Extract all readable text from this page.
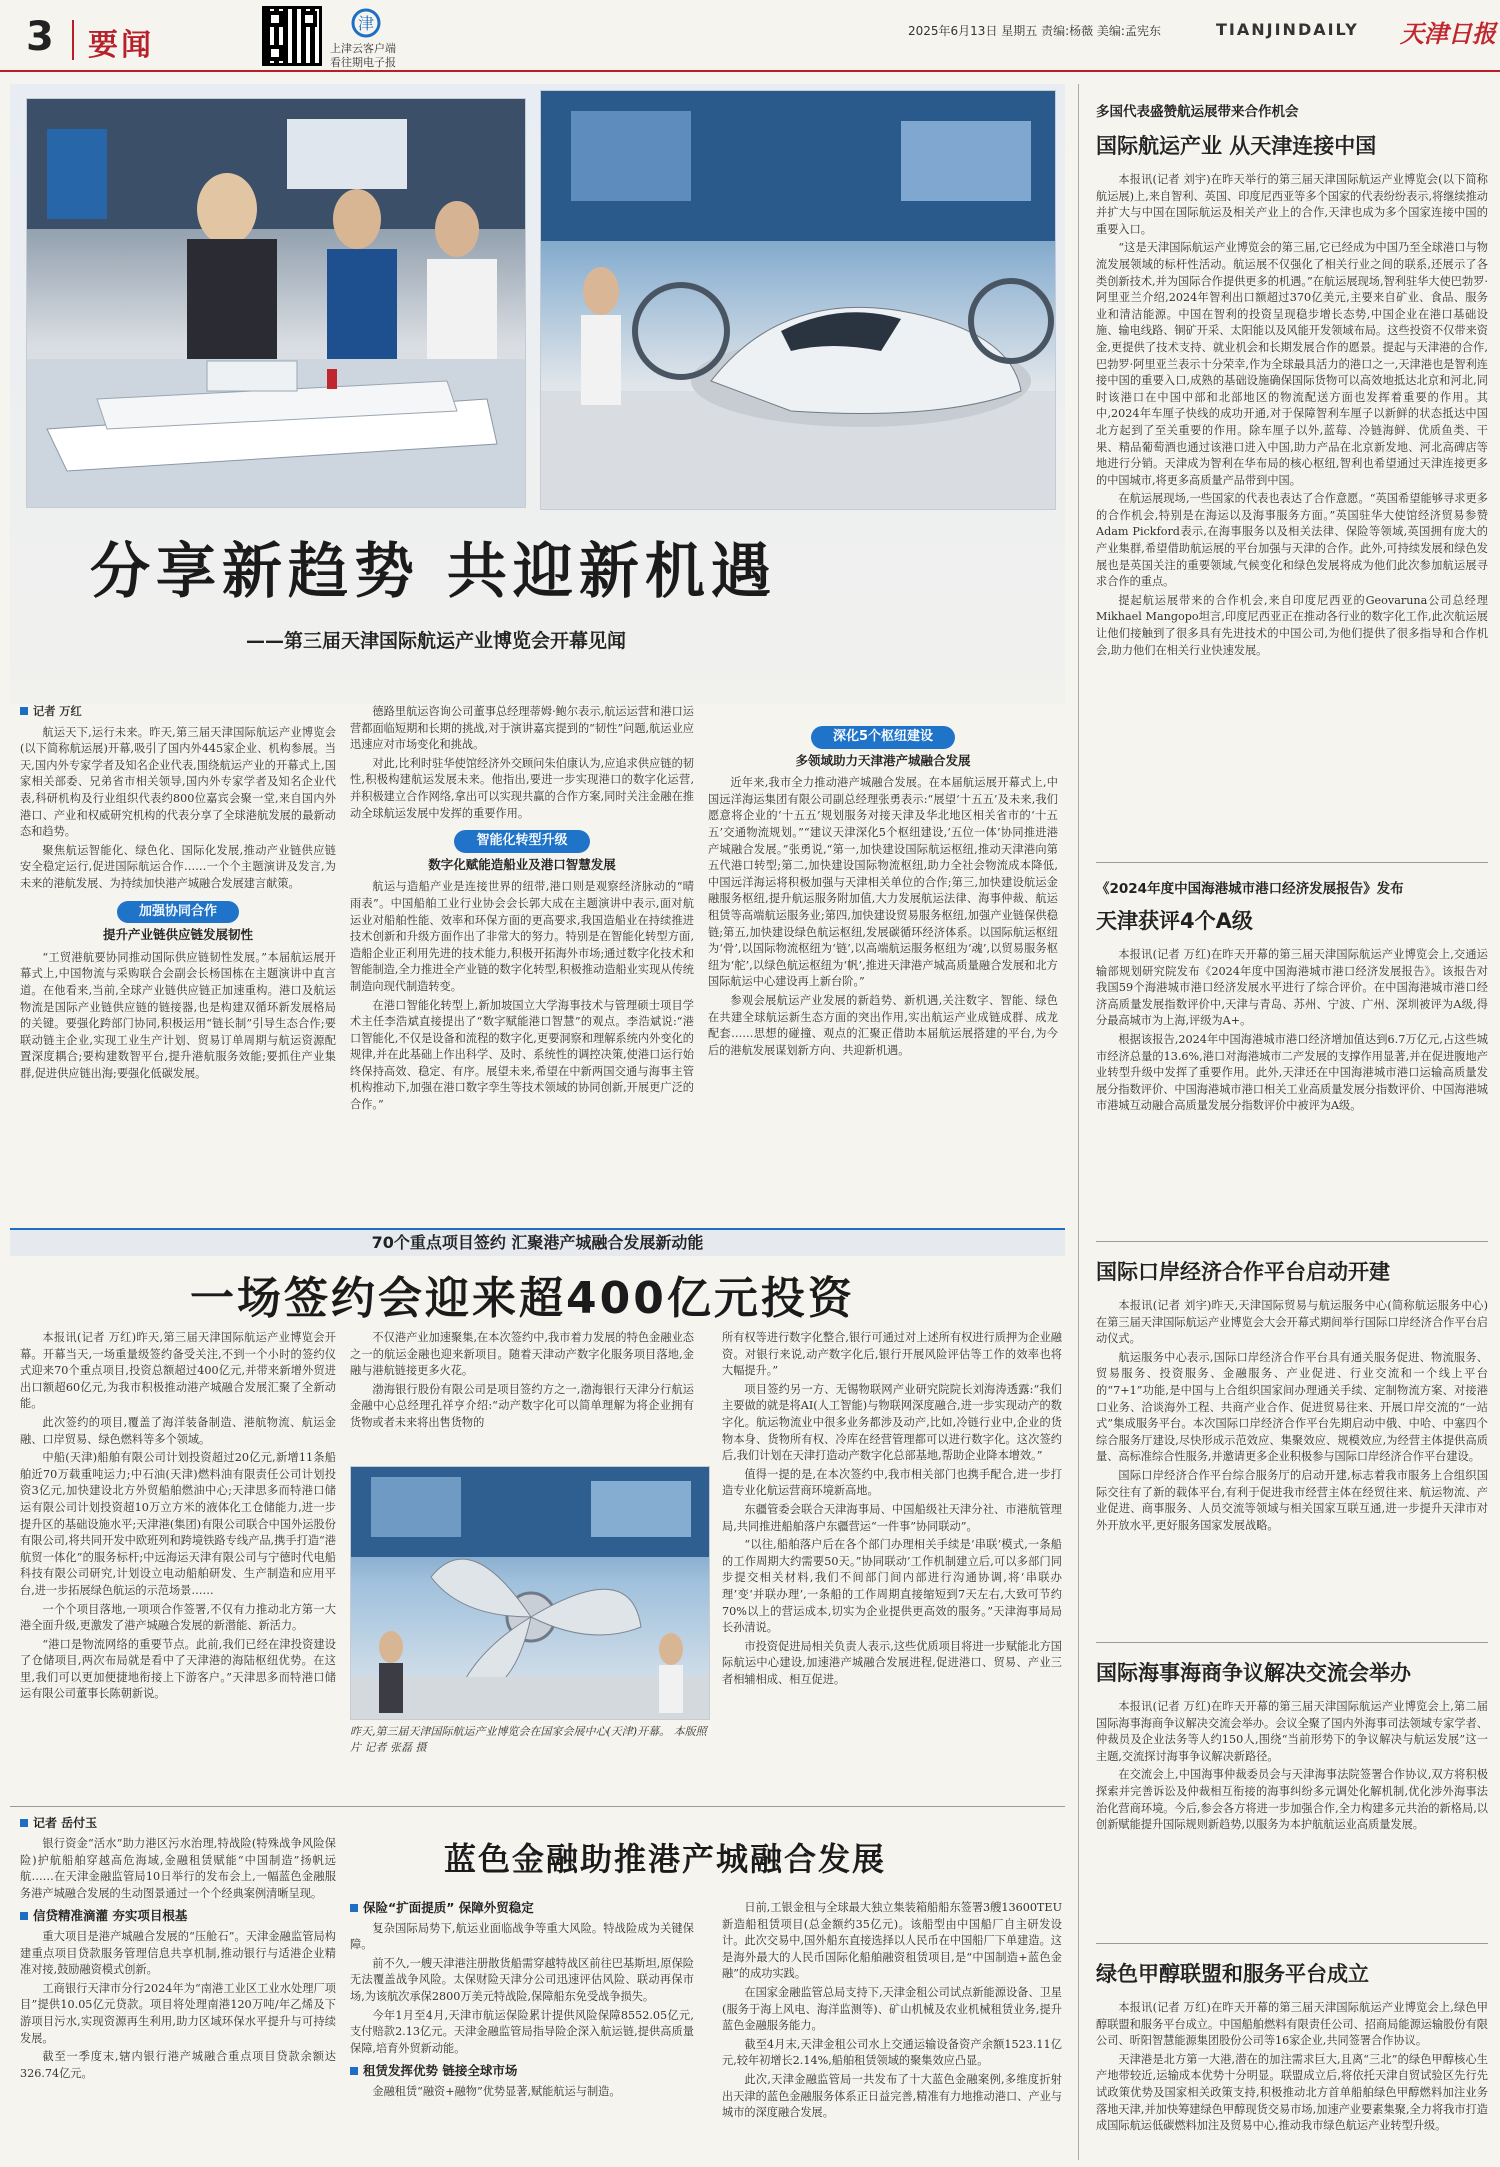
3 要闻
津
上津云客户端
看往期电子报
2025年6月13日 星期五 责编:杨薇 美编:孟宪东	TIANJINDAILY 天津日报
分享新趋势 共迎新机遇
——第三届天津国际航运产业博览会开幕见闻
记者 万红

航运天下,运行未来。昨天,第三届天津国际航运产业博览会(以下简称航运展)开幕,吸引了国内外445家企业、机构参展。当天,国内外专家学者及知名企业代表,围绕航运产业的开幕式上,国家相关部委、兄弟省市相关领导,国内外专家学者及知名企业代表,科研机构及行业组织代表约800位嘉宾会聚一堂,来自国内外港口、产业和权威研究机构的代表分享了全球港航发展的最新动态和趋势。

聚焦航运智能化、绿色化、国际化发展,推动产业链供应链安全稳定运行,促进国际航运合作……一个个主题演讲及发言,为未来的港航发展、为持续加快港产城融合发展建言献策。

加强协同合作
提升产业链供应链发展韧性

“工贸港航要协同推动国际供应链韧性发展。”本届航运展开幕式上,中国物流与采购联合会副会长杨国栋在主题演讲中直言道。在他看来,当前,全球产业链供应链正加速重构。港口及航运物流是国际产业链供应链的链接器,也是构建双循环新发展格局的关键。要强化跨部门协同,积极运用“链长制”引导生态合作;要联动链主企业,实现工业生产计划、贸易订单周期与航运资源配置深度耦合;要构建数智平台,提升港航服务效能;要抓住产业集群,促进供应链出海;要强化低碳发展。

德路里航运咨询公司董事总经理蒂姆·鲍尔表示,航运运营和港口运营都面临短期和长期的挑战,对于演讲嘉宾提到的“韧性”问题,航运业应迅速应对市场变化和挑战。

对此,比利时驻华使馆经济外交顾问朱伯康认为,应追求供应链的韧性,积极构建航运发展未来。他指出,要进一步实现港口的数字化运营,并积极建立合作网络,拿出可以实现共赢的合作方案,同时关注金融在推动全球航运发展中发挥的重要作用。

智能化转型升级
数字化赋能造船业及港口智慧发展

航运与造船产业是连接世界的纽带,港口则是观察经济脉动的“晴雨表”。中国船舶工业行业协会会长郭大成在主题演讲中表示,面对航运业对船舶性能、效率和环保方面的更高要求,我国造船业在持续推进技术创新和升级方面作出了非常大的努力。特别是在智能化转型方面,造船企业正利用先进的技术能力,积极开拓海外市场;通过数字化技术和智能制造,全力推进全产业链的数字化转型,积极推动造船业实现从传统制造向现代制造转变。

在港口智能化转型上,新加坡国立大学海事技术与管理硕士项目学术主任李浩斌直接提出了“数字赋能港口智慧”的观点。李浩斌说:“港口智能化,不仅是设备和流程的数字化,更要洞察和理解系统内外变化的规律,并在此基础上作出科学、及时、系统性的调控决策,使港口运行始终保持高效、稳定、有序。展望未来,希望在中新两国交通与海事主管机构推动下,加强在港口数字孪生等技术领域的协同创新,开展更广泛的合作。”

深化5个枢纽建设
多领域助力天津港产城融合发展

近年来,我市全力推动港产城融合发展。在本届航运展开幕式上,中国远洋海运集团有限公司副总经理张勇表示:“展望‘十五五’及未来,我们愿意将企业的‘十五五’规划服务对接天津及华北地区相关省市的‘十五五’交通物流规划。”“建议天津深化5个枢纽建设,‘五位一体’协同推进港产城融合发展。”张勇说,“第一,加快建设国际航运枢纽,推动天津港向第五代港口转型;第二,加快建设国际物流枢纽,助力全社会物流成本降低,中国远洋海运将积极加强与天津相关单位的合作;第三,加快建设航运金融服务枢纽,提升航运服务附加值,大力发展航运法律、海事仲裁、航运租赁等高端航运服务业;第四,加快建设贸易服务枢纽,加强产业链保供稳链;第五,加快建设绿色航运枢纽,发展碳循环经济体系。以国际航运枢纽为‘骨’,以国际物流枢纽为‘链’,以高端航运服务枢纽为‘魂’,以贸易服务枢纽为‘舵’,以绿色航运枢纽为‘帆’,推进天津港产城高质量融合发展和北方国际航运中心建设再上新台阶。”

参观会展航运产业发展的新趋势、新机遇,关注数字、智能、绿色在共建全球航运新生态方面的突出作用,实出航运产业成链成群、成龙配套……思想的碰撞、观点的汇聚正借助本届航运展搭建的平台,为今后的港航发展谋划新方向、共迎新机遇。

70个重点项目签约 汇聚港产城融合发展新动能
一场签约会迎来超400亿元投资

本报讯(记者 万红)昨天,第三届天津国际航运产业博览会开幕。开幕当天,一场重量级签约备受关注,不到一个小时的签约仪式迎来70个重点项目,投资总额超过400亿元,并带来新增外贸进出口额超60亿元,为我市积极推动港产城融合发展汇聚了全新动能。

此次签约的项目,覆盖了海洋装备制造、港航物流、航运金融、口岸贸易、绿色燃料等多个领域。

中船(天津)船舶有限公司计划投资超过20亿元,新增11条船舶近70万载重吨运力;中石油(天津)燃料油有限责任公司计划投资3亿元,加快建设北方外贸船舶燃油中心;天津思多而特港口储运有限公司计划投资超10万立方米的液体化工仓储能力,进一步提升区的基础设施水平;天津港(集团)有限公司联合中国外运股份有限公司,将共同开发中欧班列和跨境铁路专线产品,携手打造“港航贸一体化”的服务标杆;中远海运天津有限公司与宁德时代电船科技有限公司研究,计划设立电动船舶研发、生产制造和应用平台,进一步拓展绿色航运的示范场景……

一个个项目落地,一项项合作签署,不仅有力推动北方第一大港全面升级,更激发了港产城融合发展的新潜能、新活力。

“港口是物流网络的重要节点。此前,我们已经在津投资建设了仓储项目,两次布局就是看中了天津港的海陆枢纽优势。在这里,我们可以更加便捷地衔接上下游客户。”天津思多而特港口储运有限公司董事长陈朝新说。

不仅港产业加速聚集,在本次签约中,我市着力发展的特色金融业态之一的航运金融也迎来新项目。随着天津动产数字化服务项目落地,金融与港航链接更多火花。

渤海银行股份有限公司是项目签约方之一,渤海银行天津分行航运金融中心总经理孔祥亨介绍:“动产数字化可以简单理解为将企业拥有货物或者未来将出售货物的

昨天,第三届天津国际航运产业博览会在国家会展中心(天津)开幕。 本版照片 记者 张磊 摄

所有权等进行数字化整合,银行可通过对上述所有权进行质押为企业融资。对银行来说,动产数字化后,银行开展风险评估等工作的效率也将大幅提升。”

项目签约另一方、无锡物联网产业研究院院长刘海涛透露:“我们主要做的就是将AI(人工智能)与物联网深度融合,进一步实现动产的数字化。航运物流业中很多业务都涉及动产,比如,冷链行业中,企业的货物本身、货物所有权、冷库在经营管理都可以进行数字化。这次签约后,我们计划在天津打造动产数字化总部基地,帮助企业降本增效。”

值得一提的是,在本次签约中,我市相关部门也携手配合,进一步打造专业化航运营商环境新高地。

东疆管委会联合天津海事局、中国船级社天津分社、市港航管理局,共同推进船舶落户东疆营运“一件事”协同联动”。

“以往,船舶落户后在各个部门办理相关手续是‘串联’模式,一条船的工作周期大约需要50天。”协同联动’工作机制建立后,可以多部门同步提交相关材料,我们不间部门间内部进行沟通协调,将‘串联办理’变‘并联办理’,一条船的工作周期直接缩短到7天左右,大致可节约70%以上的营运成本,切实为企业提供更高效的服务。”天津海事局局长孙清说。

市投资促进局相关负责人表示,这些优质项目将进一步赋能北方国际航运中心建设,加速港产城融合发展进程,促进港口、贸易、产业三者相辅相成、相互促进。

记者 岳付玉
蓝色金融助推港产城融合发展

银行资金“活水”助力港区污水治理,特战险(特殊战争风险保险)护航船舶穿越高危海域,金融租赁赋能“中国制造”扬帆远航……在天津金融监管局10日举行的发布会上,一幅蓝色金融服务港产城融合发展的生动图景通过一个个经典案例清晰呈现。

信贷精准滴灌 夯实项目根基

重大项目是港产城融合发展的“压舱石”。天津金融监管局构建重点项目贷款服务管理信息共享机制,推动银行与适港企业精准对接,鼓励融资模式创新。

工商银行天津市分行2024年为“南港工业区工业水处理厂项目”提供10.05亿元贷款。项目将处理南港120万吨/年乙烯及下游项目污水,实现资源再生利用,助力区域环保水平提升与可持续发展。

截至一季度末,辖内银行港产城融合重点项目贷款余额达326.74亿元。

保险“扩面提质” 保障外贸稳定

复杂国际局势下,航运业面临战争等重大风险。特战险成为关键保障。

前不久,一艘天津港注册散货船需穿越特战区前往巴基斯坦,原保险无法覆盖战争风险。太保财险天津分公司迅速评估风险、联动再保市场,为该航次承保2800万美元特战险,保障船东免受战争损失。

今年1月至4月,天津市航运保险累计提供风险保障8552.05亿元,支付赔款2.13亿元。天津金融监管局指导险企深入航运链,提供高质量保障,培育外贸新动能。

租赁发挥优势 链接全球市场

金融租赁“融资+融物”优势显著,赋能航运与制造。

日前,工银金租与全球最大独立集装箱船船东签署3艘13600TEU新造船租赁项目(总金额约35亿元)。该船型由中国船厂自主研发设计。此次交易中,国外船东直接选择以人民币在中国船厂下单建造。这是海外最大的人民币国际化船舶融资租赁项目,是“中国制造+蓝色金融”的成功实践。

在国家金融监管总局支持下,天津金租公司试点新能源设备、卫星(服务于海上风电、海洋监测等)、矿山机械及农业机械租赁业务,提升蓝色金融服务能力。

截至4月末,天津金租公司水上交通运输设备资产余额1523.11亿元,较年初增长2.14%,船舶租赁领域的聚集效应凸显。

此次,天津金融监管局一共发布了十大蓝色金融案例,多维度折射出天津的蓝色金融服务体系正日益完善,精准有力地推动港口、产业与城市的深度融合发展。

多国代表盛赞航运展带来合作机会
国际航运产业 从天津连接中国

本报讯(记者 刘宇)在昨天举行的第三届天津国际航运产业博览会(以下简称航运展)上,来自智利、英国、印度尼西亚等多个国家的代表纷纷表示,将继续推动并扩大与中国在国际航运及相关产业上的合作,天津也成为多个国家连接中国的重要入口。

“这是天津国际航运产业博览会的第三届,它已经成为中国乃至全球港口与物流发展领域的标杆性活动。航运展不仅强化了相关行业之间的联系,还展示了各类创新技术,并为国际合作提供更多的机遇。”在航运展现场,智利驻华大使巴勃罗·阿里亚兰介绍,2024年智利出口额超过370亿美元,主要来自矿业、食品、服务业和清洁能源。中国在智利的投资呈现稳步增长态势,中国企业在港口基础设施、输电线路、铜矿开采、太阳能以及风能开发领域布局。这些投资不仅带来资金,更提供了技术支持、就业机会和长期发展合作的愿景。提起与天津港的合作,巴勃罗·阿里亚兰表示十分荣幸,作为全球最具活力的港口之一,天津港也是智利连接中国的重要入口,成熟的基础设施确保国际货物可以高效地抵达北京和河北,同时该港口在中国中部和北部地区的物流配送方面也发挥着重要的作用。其中,2024年车厘子快线的成功开通,对于保障智利车厘子以新鲜的状态抵达中国北方起到了至关重要的作用。除车厘子以外,蓝莓、冷链海鲜、优质鱼类、干果、精品葡萄酒也通过该港口进入中国,助力产品在北京新发地、河北高碑店等地进行分销。天津成为智利在华布局的核心枢纽,智利也希望通过天津连接更多的中国城市,将更多高质量产品带到中国。

在航运展现场,一些国家的代表也表达了合作意愿。“英国希望能够寻求更多的合作机会,特别是在海运以及海事服务方面。”英国驻华大使馆经济贸易参赞Adam Pickford表示,在海事服务以及相关法律、保险等领域,英国拥有庞大的产业集群,希望借助航运展的平台加强与天津的合作。此外,可持续发展和绿色发展也是英国关注的重要领域,气候变化和绿色发展将成为他们此次参加航运展寻求合作的重点。

提起航运展带来的合作机会,来自印度尼西亚的Geovaruna公司总经理Mikhael Mangopo坦言,印度尼西亚正在推动各行业的数字化工作,此次航运展让他们接触到了很多具有先进技术的中国公司,为他们提供了很多指导和合作机会,助力他们在相关行业快速发展。

《2024年度中国海港城市港口经济发展报告》发布
天津获评4个A级

本报讯(记者 万红)在昨天开幕的第三届天津国际航运产业博览会上,交通运输部规划研究院发布《2024年度中国海港城市港口经济发展报告》。该报告对我国59个海港城市港口经济发展水平进行了综合评价。在中国海港城市港口经济高质量发展指数评价中,天津与青岛、苏州、宁波、广州、深圳被评为A级,得分最高城市为上海,评级为A+。

根据该报告,2024年中国海港城市港口经济增加值达到6.7万亿元,占这些城市经济总量的13.6%,港口对海港城市二产发展的支撑作用显著,并在促进腹地产业转型升级中发挥了重要作用。此外,天津还在中国海港城市港口运输高质量发展分指数评价、中国海港城市港口相关工业高质量发展分指数评价、中国海港城市港城互动融合高质量发展分指数评价中被评为A级。

国际口岸经济合作平台启动开建

本报讯(记者 刘宇)昨天,天津国际贸易与航运服务中心(简称航运服务中心)在第三届天津国际航运产业博览会大会开幕式期间举行国际口岸经济合作平台启动仪式。

航运服务中心表示,国际口岸经济合作平台具有通关服务促进、物流服务、贸易服务、投资服务、金融服务、产业促进、行业交流和一个线上平台的“7+1”功能,是中国与上合组织国家间办理通关手续、定制物流方案、对接港口业务、洽谈海外工程、共商产业合作、促进贸易往来、开展口岸交流的“一站式”集成服务平台。本次国际口岸经济合作平台先期启动中俄、中哈、中塞四个综合服务厅建设,尽快形成示范效应、集聚效应、规模效应,为经营主体提供高质量、高标准综合性服务,并邀请更多企业积极参与国际口岸经济合作平台建设。

国际口岸经济合作平台综合服务厅的启动开建,标志着我市服务上合组织国际交往有了新的载体平台,有利于促进我市经营主体在经贸往来、航运物流、产业促进、商事服务、人员交流等领域与相关国家互联互通,进一步提升天津市对外开放水平,更好服务国家发展战略。

国际海事海商争议解决交流会举办

本报讯(记者 万红)在昨天开幕的第三届天津国际航运产业博览会上,第二届国际海事海商争议解决交流会举办。会议全聚了国内外海事司法领域专家学者、仲裁员及企业法务等人约150人,围绕“当前形势下的争议解决与航运发展”这一主题,交流探讨海事争议解决新路径。

在交流会上,中国海事仲裁委员会与天津海事法院签署合作协议,双方将积极探索并完善诉讼及仲裁相互衔接的海事纠纷多元调处化解机制,优化涉外海事法治化营商环境。今后,参会各方将进一步加强合作,全力构建多元共治的新格局,以创新赋能提升国际规则新趋势,以服务为本护航航运业高质量发展。

绿色甲醇联盟和服务平台成立

本报讯(记者 万红)在昨天开幕的第三届天津国际航运产业博览会上,绿色甲醇联盟和服务平台成立。中国船舶燃料有限责任公司、招商局能源运输股份有限公司、昕阳智慧能源集团股份公司等16家企业,共同签署合作协议。

天津港是北方第一大港,潜在的加注需求巨大,且离“三北”的绿色甲醇核心生产地带较近,运输成本优势十分明显。联盟成立后,将依托天津自贸试验区先行先试政策优势及国家相关政策支持,积极推动北方首单船舶绿色甲醇燃料加注业务落地天津,并加快筹建绿色甲醇现货交易市场,加速产业要素集聚,全力将我市打造成国际航运低碳燃料加注及贸易中心,推动我市绿色航运产业转型升级。
